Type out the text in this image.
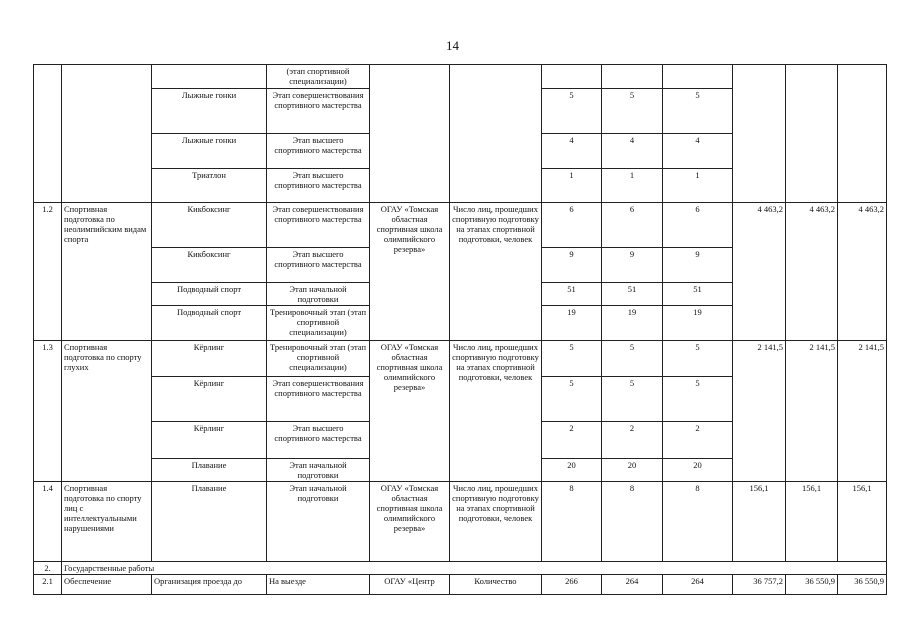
14
			(этап спортивной специализации)								
		Лыжные гонки	Этап совершенствования спортивного мастерства			5	5	5			
		Лыжные гонки	Этап высшего спортивного мастерства			4	4	4			
		Триатлон	Этап высшего спортивного мастерства			1	1	1			
1.2	Спортивная подготовка по неолимпийским видам спорта	Кикбоксинг	Этап совершенствования спортивного мастерства	ОГАУ «Томская областная спортивная школа олимпийского резерва»	Число лиц, прошедших спортивную подготовку на этапах спортивной подготовки, человек	6	6	6	4 463,2	4 463,2	4 463,2
		Кикбоксинг	Этап высшего спортивного мастерства			9	9	9			
		Подводный спорт	Этап начальной подготовки			51	51	51			
		Подводный спорт	Тренировочный этап (этап спортивной специализации)			19	19	19			
1.3	Спортивная подготовка по спорту глухих	Кёрлинг	Тренировочный этап (этап спортивной специализации)	ОГАУ «Томская областная спортивная школа олимпийского резерва»	Число лиц, прошедших спортивную подготовку на этапах спортивной подготовки, человек	5	5	5	2 141,5	2 141,5	2 141,5
		Кёрлинг	Этап совершенствования спортивного мастерства			5	5	5			
		Кёрлинг	Этап высшего спортивного мастерства			2	2	2			
		Плавание	Этап начальной подготовки			20	20	20			
1.4	Спортивная подготовка по спорту лиц с интеллектуальными нарушениями	Плавание	Этап начальной подготовки	ОГАУ «Томская областная спортивная школа олимпийского резерва»	Число лиц, прошедших спортивную подготовку на этапах спортивной подготовки, человек	8	8	8	156,1	156,1	156,1
2.	Государственные работы										
2.1	Обеспечение	Организация проезда до	На выезде	ОГАУ «Центр	Количество	266	264	264	36 757,2	36 550,9	36 550,9
